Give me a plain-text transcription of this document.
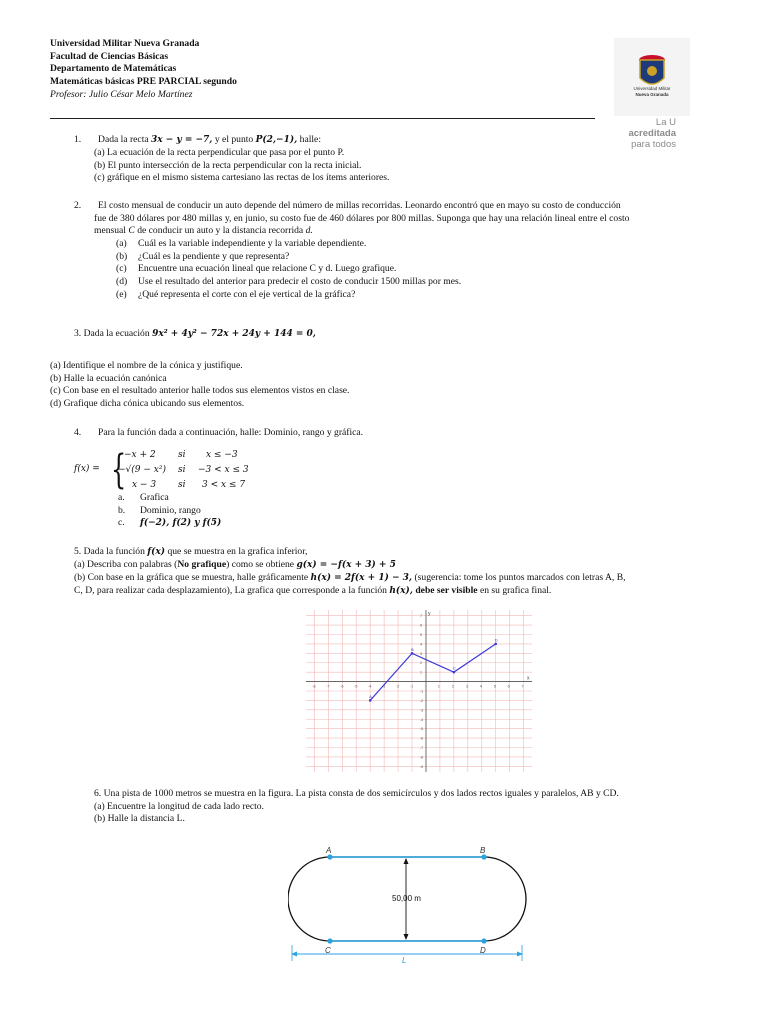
Universidad Militar Nueva Granada
Facultad de Ciencias Básicas
Departamento de Matemáticas
Matemáticas básicas PRE PARCIAL segundo
Profesor: Julio César Melo Martínez
Universidad Militar
Nueva Granada
La U
acreditada
para todos
1. Dada la recta 3x − y = −7, y el punto P(2,−1), halle:
(a) La ecuación de la recta perpendicular que pasa por el punto P.
(b) El punto intersección de la recta perpendicular con la recta inicial.
(c) gráfique en el mismo sistema cartesiano las rectas de los ítems anteriores.
2. El costo mensual de conducir un auto depende del número de millas recorridas. Leonardo encontró que en mayo su costo de conducción
fue de 380 dólares por 480 millas y, en junio, su costo fue de 460 dólares por 800 millas. Suponga que hay una relación lineal entre el costo
mensual C de conducir un auto y la distancia recorrida d.
(a) Cuál es la variable independiente y la variable dependiente.
(b) ¿Cuál es la pendiente y que representa?
(c) Encuentre una ecuación lineal que relacione C y d. Luego grafique.
(d) Use el resultado del anterior para predecir el costo de conducir 1500 millas por mes.
(e) ¿Qué representa el corte con el eje vertical de la gráfica?
3. Dada la ecuación 9x² + 4y² − 72x + 24y + 144 = 0,
(a) Identifique el nombre de la cónica y justifique.
(b) Halle la ecuación canónica
(c) Con base en el resultado anterior halle todos sus elementos vistos en clase.
(d) Grafique dicha cónica ubicando sus elementos.
4. Para la función dada a continuación, halle: Dominio, rango y gráfica.
f(x) = {
−x + 2 si x ≤ −3
−√(9 − x²) si −3 < x ≤ 3
x − 3 si 3 < x ≤ 7
a. Grafica
b. Dominio, rango
c. f(−2), f(2) y f(5)
5. Dada la función f(x) que se muestra en la grafica inferior,
(a) Describa con palabras (No grafique) como se obtiene g(x) = −f(x + 3) + 5
(b) Con base en la gráfica que se muestra, halle gráficamente h(x) = 2f(x + 1) − 3, (sugerencia: tome los puntos marcados con letras A, B,
C, D, para realizar cada desplazamiento), La grafica que corresponde a la función h(x), debe ser visible en su grafica final.
x
y
-8	-7	-6	-5	-4	-3	-2	-1	1	2	3	4	5	6	7
7
6
5
4
3
2
1
-1
-2
-3
-4
-5
-6
-7
-8
-9
A
B
C
D
6. Una pista de 1000 metros se muestra en la figura. La pista consta de dos semicírculos y dos lados rectos iguales y paralelos, AB y CD.
(a) Encuentre la longitud de cada lado recto.
(b) Halle la distancia L.
A	B
C	D
50,00 m
L
